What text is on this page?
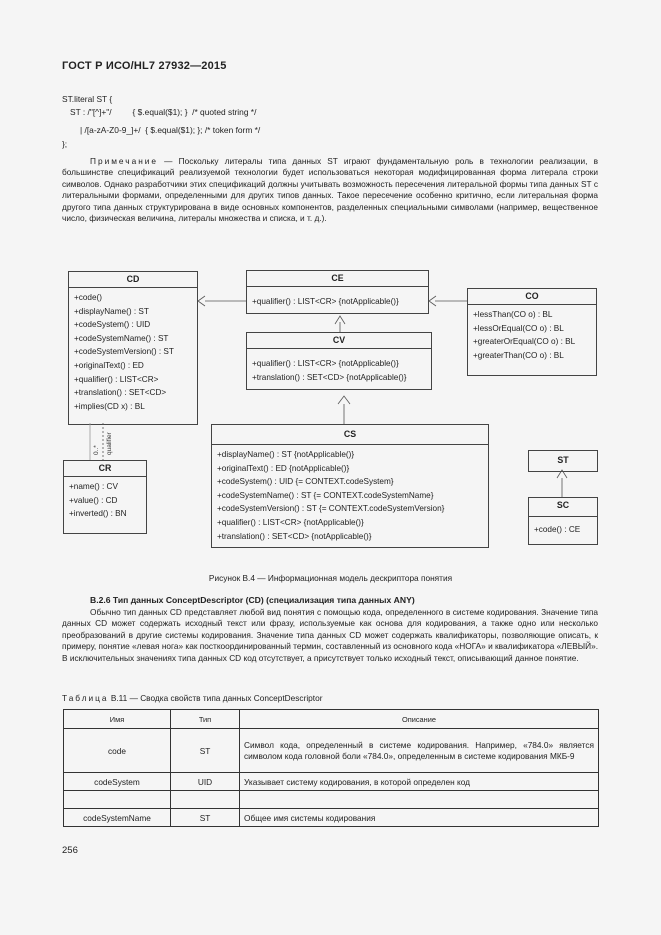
ГОСТ Р ИСО/HL7 27932—2015
ST.literal ST {
ST : /"[^]+"/         { $.equal($1); }  /* quoted string */
| /[a-zA-Z0-9_]+/  { $.equal($1); }; /* token form */
};
Примечание — Поскольку литералы типа данных ST играют фундаментальную роль в технологии реализации, в большинстве спецификаций реализуемой технологии будет использоваться некоторая модифицированная форма литерала строки символов. Однако разработчики этих спецификаций должны учитывать возможность пересечения литеральной формы типа данных ST с литеральными формами, определенными для других типов данных. Такое пересечение особенно критично, если литеральная форма другого типа данных структурирована в виде основных компонентов, разделенных специальными символами (например, вещественное число, физическая величина, литералы множества и списка, и т. д.).
CD
+code()
+displayName() : ST
+codeSystem() : UID
+codeSystemName() : ST
+codeSystemVersion() : ST
+originalText() : ED
+qualifier() : LIST<CR>
+translation() : SET<CD>
+implies(CD x) : BL
CE
+qualifier() : LIST<CR> {notApplicable()}
CV
+qualifier() : LIST<CR> {notApplicable()}
+translation() : SET<CD> {notApplicable()}
CO
+lessThan(CO o) : BL
+lessOrEqual(CO o) : BL
+greaterOrEqual(CO o) : BL
+greaterThan(CO o) : BL
CR
+name() : CV
+value() : CD
+inverted() : BN
CS
+displayName() : ST {notApplicable()}
+originalText() : ED {notApplicable()}
+codeSystem() : UID {= CONTEXT.codeSystem}
+codeSystemName() : ST {= CONTEXT.codeSystemName}
+codeSystemVersion() : ST {= CONTEXT.codeSystemVersion}
+qualifier() : LIST<CR> {notApplicable()}
+translation() : SET<CD> {notApplicable()}
ST
SC
+code() : CE
0..* qualifier
Рисунок В.4 — Информационная модель дескриптора понятия
В.2.6 Тип данных ConceptDescriptor (CD) (специализация типа данных ANY)
Обычно тип данных CD представляет любой вид понятия с помощью кода, определенного в системе кодирования. Значение типа данных CD может содержать исходный текст или фразу, используемые как основа для кодирования, а также одно или несколько преобразований в другие системы кодирования. Значение типа данных CD может содержать квалификаторы, позволяющие описать, к примеру, понятие «левая нога» как посткоординированный термин, составленный из основного кода «НОГА» и квалификатора «ЛЕВЫЙ». В исключительных значениях типа данных CD код отсутствует, а присутствует только исходный текст, описывающий данное понятие.
Таблица В.11 — Сводка свойств типа данных ConceptDescriptor
Имя	Тип	Описание
code	ST	Символ кода, определенный в системе кодирования. Например, «784.0» является символом кода головной боли «784.0», определенным в системе кодирования МКБ-9
codeSystem	UID	Указывает систему кодирования, в которой определен код

codeSystemName	ST	Общее имя системы кодирования
256
